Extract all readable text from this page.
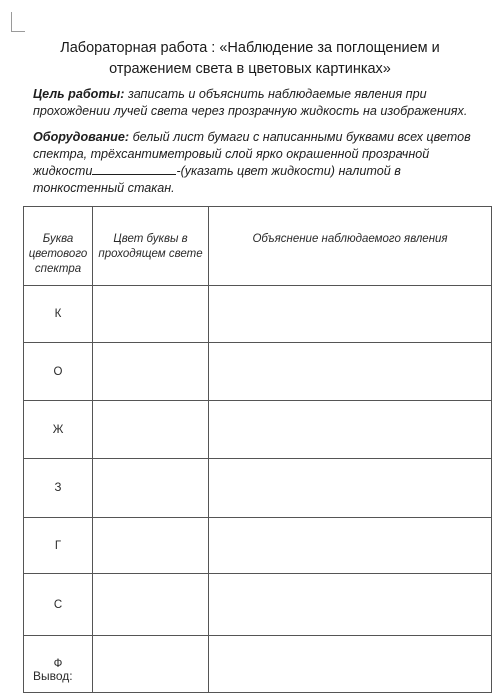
Лабораторная работа : «Наблюдение за поглощением и
отражением света в цветовых картинках»
Цель работы: записать и объяснить наблюдаемые явления при прохождении лучей света через прозрачную жидкость на изображениях.
Оборудование: белый лист бумаги с написанными буквами всех цветов спектра, трёхсантиметровый слой ярко окрашенной прозрачной жидкости	-(указать цвет жидкости) налитой в тонкостенный стакан.
Буква цветового спектра	Цвет буквы в проходящем свете	Объяснение наблюдаемого явления
К		
О		
Ж		
З		
Г		
С		
Ф		
Вывод:
